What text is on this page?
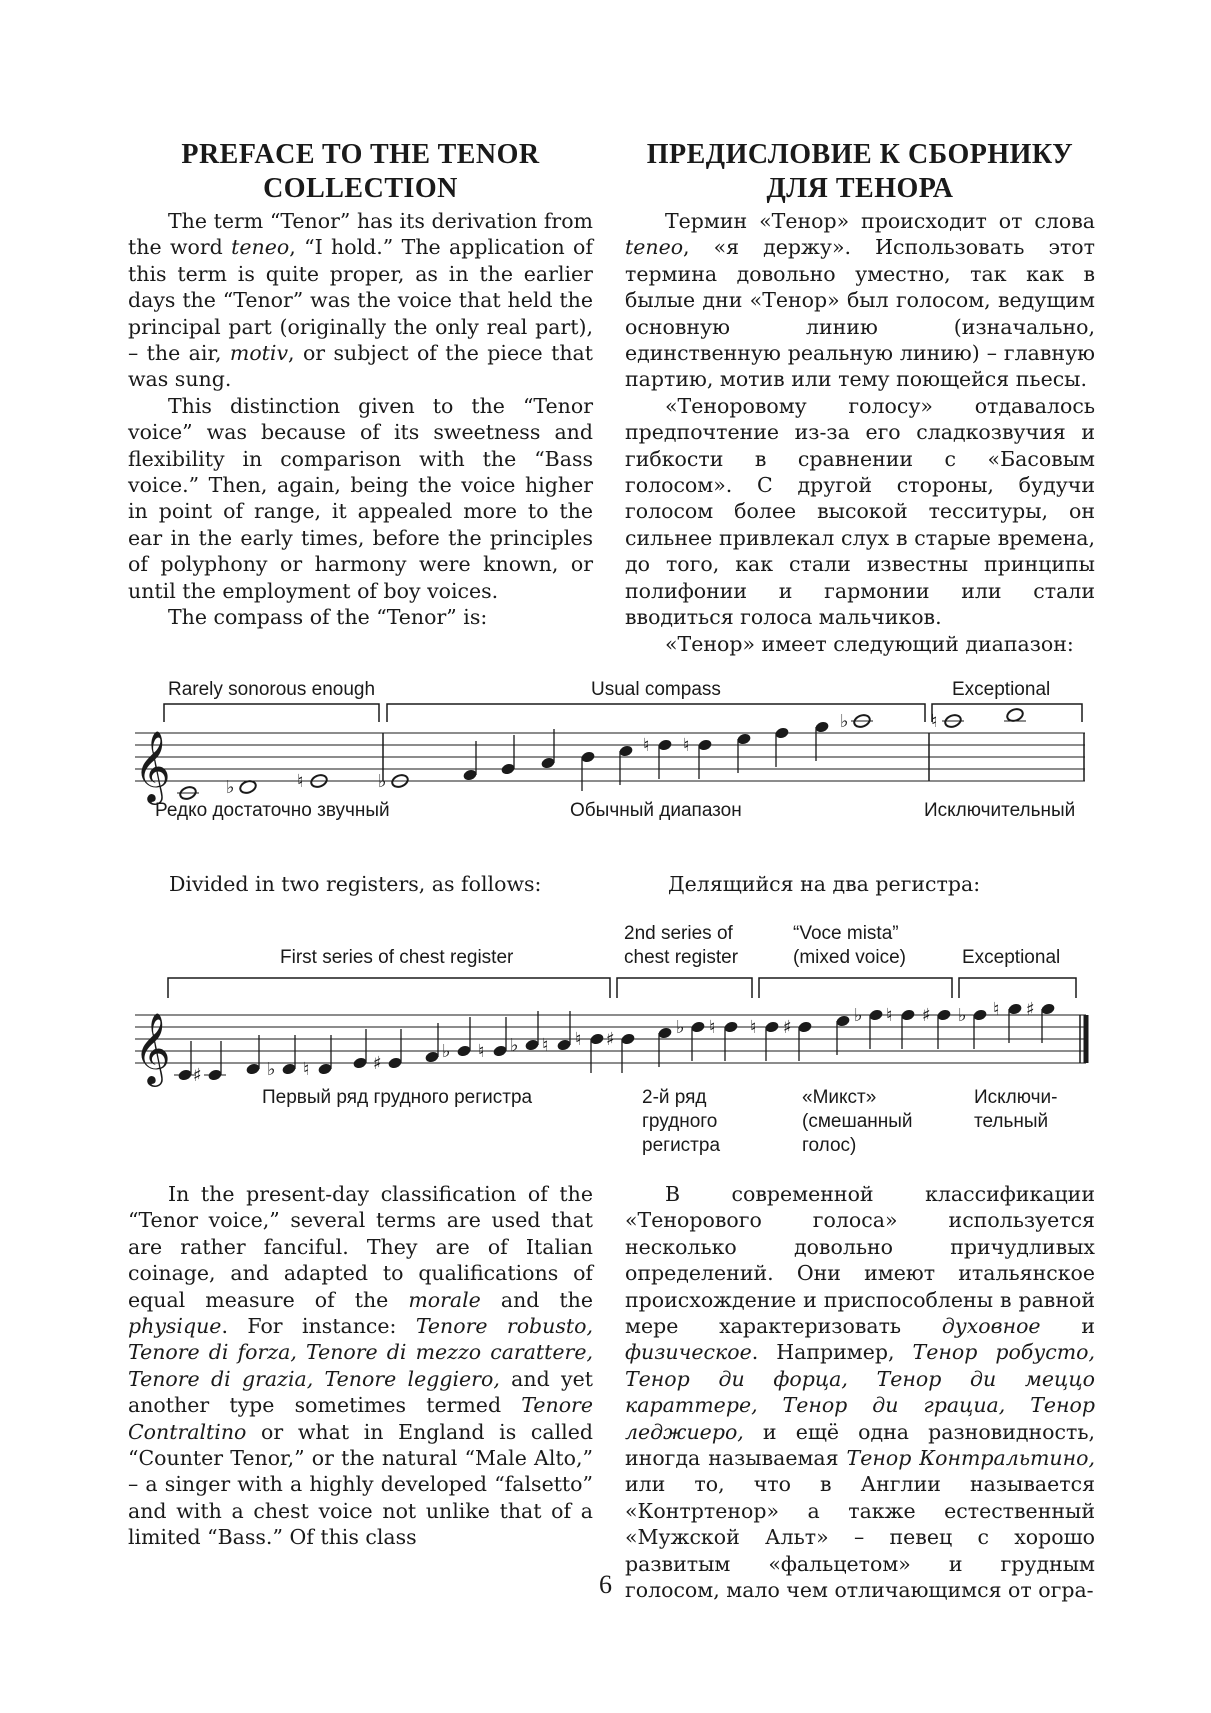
PREFACE TO THE TENOR
COLLECTION

The term “Tenor” has its derivation from the word teneo, “I hold.” The application of this term is quite proper, as in the earlier days the “Tenor” was the voice that held the principal part (originally the only real part), – the air, motiv, or subject of the piece that was sung.

This distinction given to the “Tenor voice” was because of its sweetness and flexibility in comparison with the “Bass voice.” Then, again, being the voice higher in point of range, it appealed more to the ear in the early times, before the principles of polyphony or harmony were known, or until the employment of boy voices.

The compass of the “Tenor” is:

ПРЕДИСЛОВИЕ К СБОРНИКУ
ДЛЯ ТЕНОРА

Термин «Тенор» происходит от слова teneo, «я держу». Использовать этот термина довольно уместно, так как в былые дни «Тенор» был голосом, ведущим основную линию (изначально, единственную реальную линию) – главную партию, мотив или тему поющейся пьесы.

«Теноровому голосу» отдавалось предпочтение из-за его сладкозвучия и гибкости в сравнении с «Басовым голосом». С другой стороны, будучи голосом более высокой тесситуры, он сильнее привлекал слух в старые времена, до того, как стали известны принципы полифонии и гармонии или стали вводиться голоса мальчиков.

«Тенор» имеет следующий диапазон:

Rarely sonorous enough	Usual compass	Exceptional
Редко достаточно звучный	Обычный диапазон	Исключительный
𝄞	♭	♮	♭
♮ ♮
♭	♮
Divided in two registers, as follows:	Делящийся на два регистра:
First series of chest register
2nd series of
chest register
“Voce mista”
(mixed voice)	Exceptional
Первый ряд грудного регистра	2-й ряд
грудного
регистра
«Микст»
(смешанный
голос)
Исключи-
тельный
𝄞 ♯	♭ ♮	♯
♭ ♮ ♭ ♮ ♮ ♯
♭ ♮ ♮ ♯
♭ ♮ ♯ ♭ ♮ ♯

In the present-day classification of the “Tenor voice,” several terms are used that are rather fanciful. They are of Italian coinage, and adapted to qualifications of equal measure of the morale and the physique. For instance: Tenore robusto, Tenore di forza, Tenore di mezzo carattere, Tenore di grazia, Tenore leggiero, and yet another type sometimes termed Tenore Contraltino or what in England is called “Counter Tenor,” or the natural “Male Alto,” – a singer with a highly developed “falsetto” and with a chest voice not unlike that of a limited “Bass.” Of this class

В современной классификации «Тенорового голоса» используется несколько довольно причудливых определений. Они имеют итальянское происхождение и приспособлены в равной мере характеризовать духовное и физическое. Например, Тенор робусто, Тенор ди форца, Тенор ди меццо караттере, Тенор ди грациа, Тенор леджиеро, и ещё одна разновидность, иногда называемая Тенор Контральтино, или то, что в Англии называется «Контртенор» а также естественный «Мужской Альт» – певец с хорошо развитым «фальцетом» и грудным голосом, мало чем отличающимся от огра-

6
